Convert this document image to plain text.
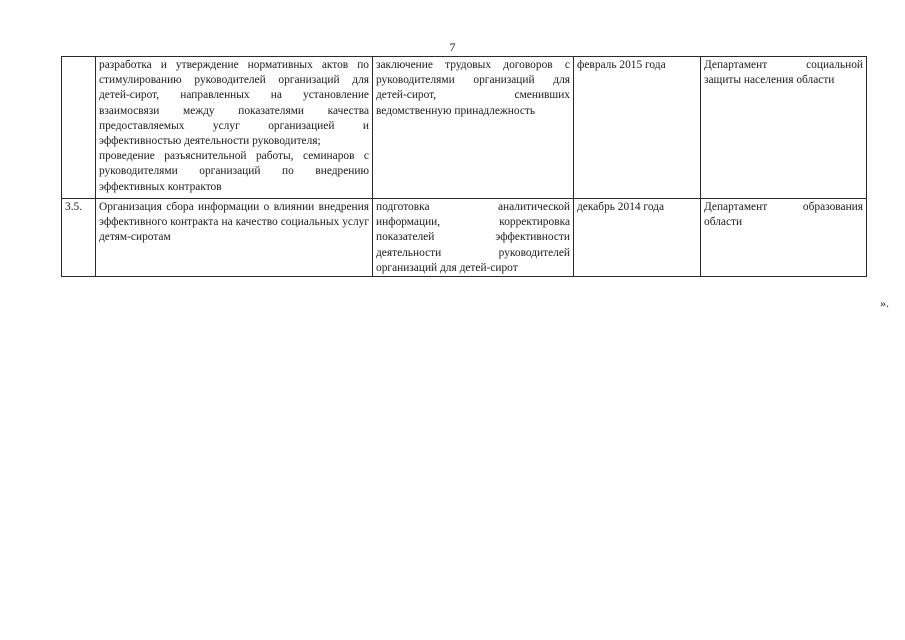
7

	разработка и утверждение нормативных актов по стимулированию руководителей организаций для детей-сирот, направленных на установление взаимосвязи между показателями качества предоставляемых услуг организацией и эффективностью деятельности руководителя;
проведение разъяснительной работы, семинаров с руководителями организаций по внедрению эффективных контрактов	заключение трудовых договоров с руководителями организаций для детей-сирот, сменивших ведомственную принадлежность	февраль 2015 года	Департамент социальной защиты населения области
3.5.	Организация сбора информации о влиянии внедрения эффективного контракта на качество социальных услуг детям-сиротам	подготовка аналитической информации, корректировка показателей эффективности деятельности руководителей организаций для детей-сирот	декабрь 2014 года	Департамент образования области
».
